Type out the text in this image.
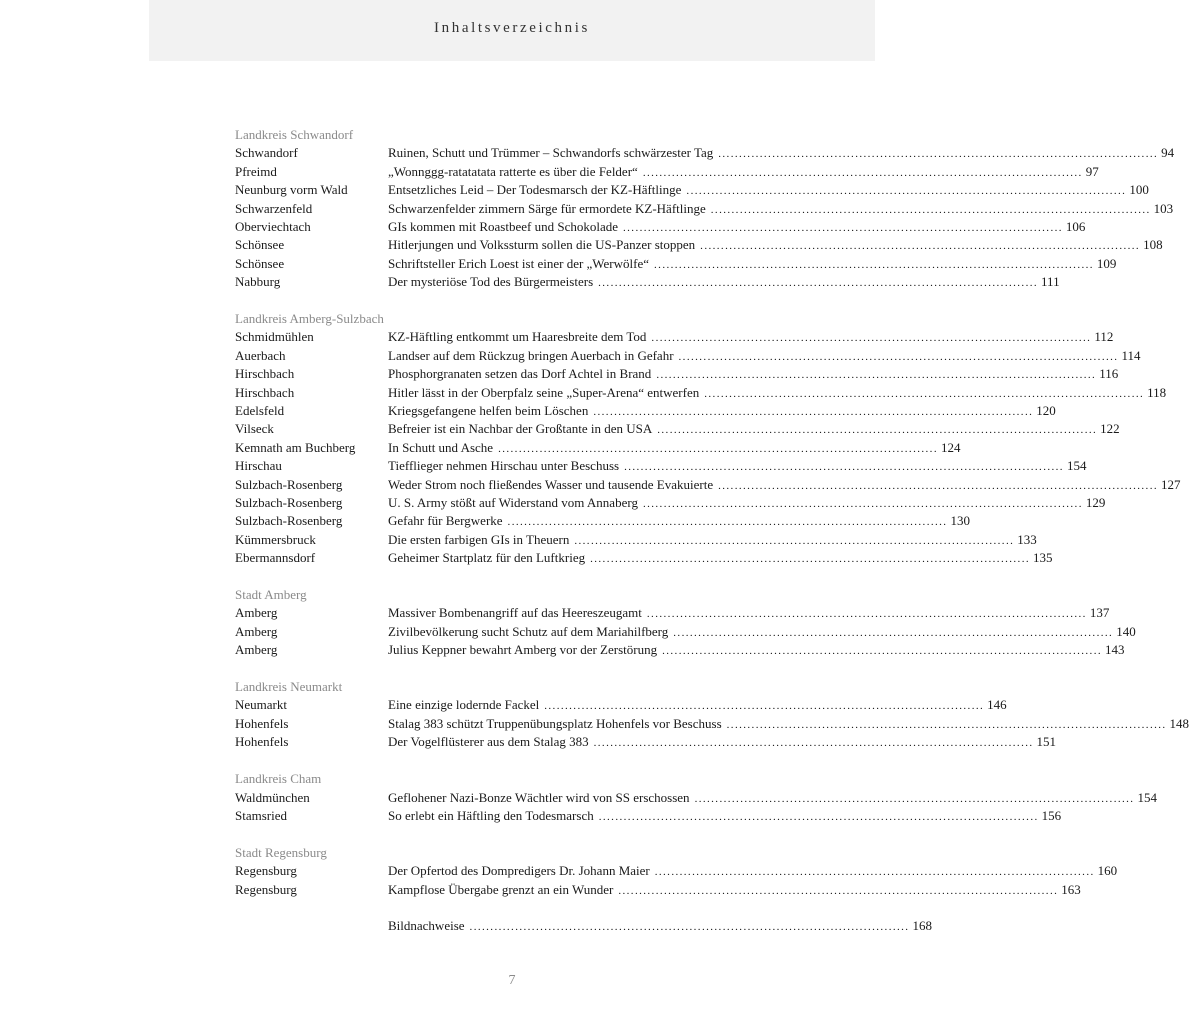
Inhaltsverzeichnis
Landkreis Schwandorf
Schwandorf	Ruinen, Schutt und Trümmer – Schwandorfs schwärzester Tag .....	94
Pfreimd	„Wonnggg-ratatatata ratterte es über die Felder“ .....	97
Neunburg vorm Wald	Entsetzliches Leid – Der Todesmarsch der KZ-Häftlinge .....	100
Schwarzenfeld	Schwarzenfelder zimmern Särge für ermordete KZ-Häftlinge .....	103
Oberviechtach	GIs kommen mit Roastbeef und Schokolade .....	106
Schönsee	Hitlerjungen und Volkssturm sollen die US-Panzer stoppen .....	108
Schönsee	Schriftsteller Erich Loest ist einer der „Werwölfe“ .....	109
Nabburg	Der mysteriöse Tod des Bürgermeisters .....	111
Landkreis Amberg-Sulzbach
Schmidmühlen	KZ-Häftling entkommt um Haaresbreite dem Tod .....	112
Auerbach	Landser auf dem Rückzug bringen Auerbach in Gefahr .....	114
Hirschbach	Phosphorgranaten setzen das Dorf Achtel in Brand .....	116
Hirschbach	Hitler lässt in der Oberpfalz seine „Super-Arena“ entwerfen .....	118
Edelsfeld	Kriegsgefangene helfen beim Löschen .....	120
Vilseck	Befreier ist ein Nachbar der Großtante in den USA .....	122
Kemnath am Buchberg	In Schutt und Asche .....	124
Hirschau	Tiefflieger nehmen Hirschau unter Beschuss .....	154
Sulzbach-Rosenberg	Weder Strom noch fließendes Wasser und tausende Evakuierte .....	127
Sulzbach-Rosenberg	U. S. Army stößt auf Widerstand vom Annaberg .....	129
Sulzbach-Rosenberg	Gefahr für Bergwerke .....	130
Kümmersbruck	Die ersten farbigen GIs in Theuern .....	133
Ebermannsdorf	Geheimer Startplatz für den Luftkrieg .....	135
Stadt Amberg
Amberg	Massiver Bombenangriff auf das Heereszeugamt .....	137
Amberg	Zivilbevölkerung sucht Schutz auf dem Mariahilfberg .....	140
Amberg	Julius Keppner bewahrt Amberg vor der Zerstörung .....	143
Landkreis Neumarkt
Neumarkt	Eine einzige lodernde Fackel .....	146
Hohenfels	Stalag 383 schützt Truppenübungsplatz Hohenfels vor Beschuss .....	148
Hohenfels	Der Vogelflüsterer aus dem Stalag 383 .....	151
Landkreis Cham
Waldmünchen	Geflohener Nazi-Bonze Wächtler wird von SS erschossen .....	154
Stamsried	So erlebt ein Häftling den Todesmarsch .....	156
Stadt Regensburg
Regensburg	Der Opfertod des Dompredigers Dr. Johann Maier .....	160
Regensburg	Kampflose Übergabe grenzt an ein Wunder .....	163
Bildnachweise .....	168
7
